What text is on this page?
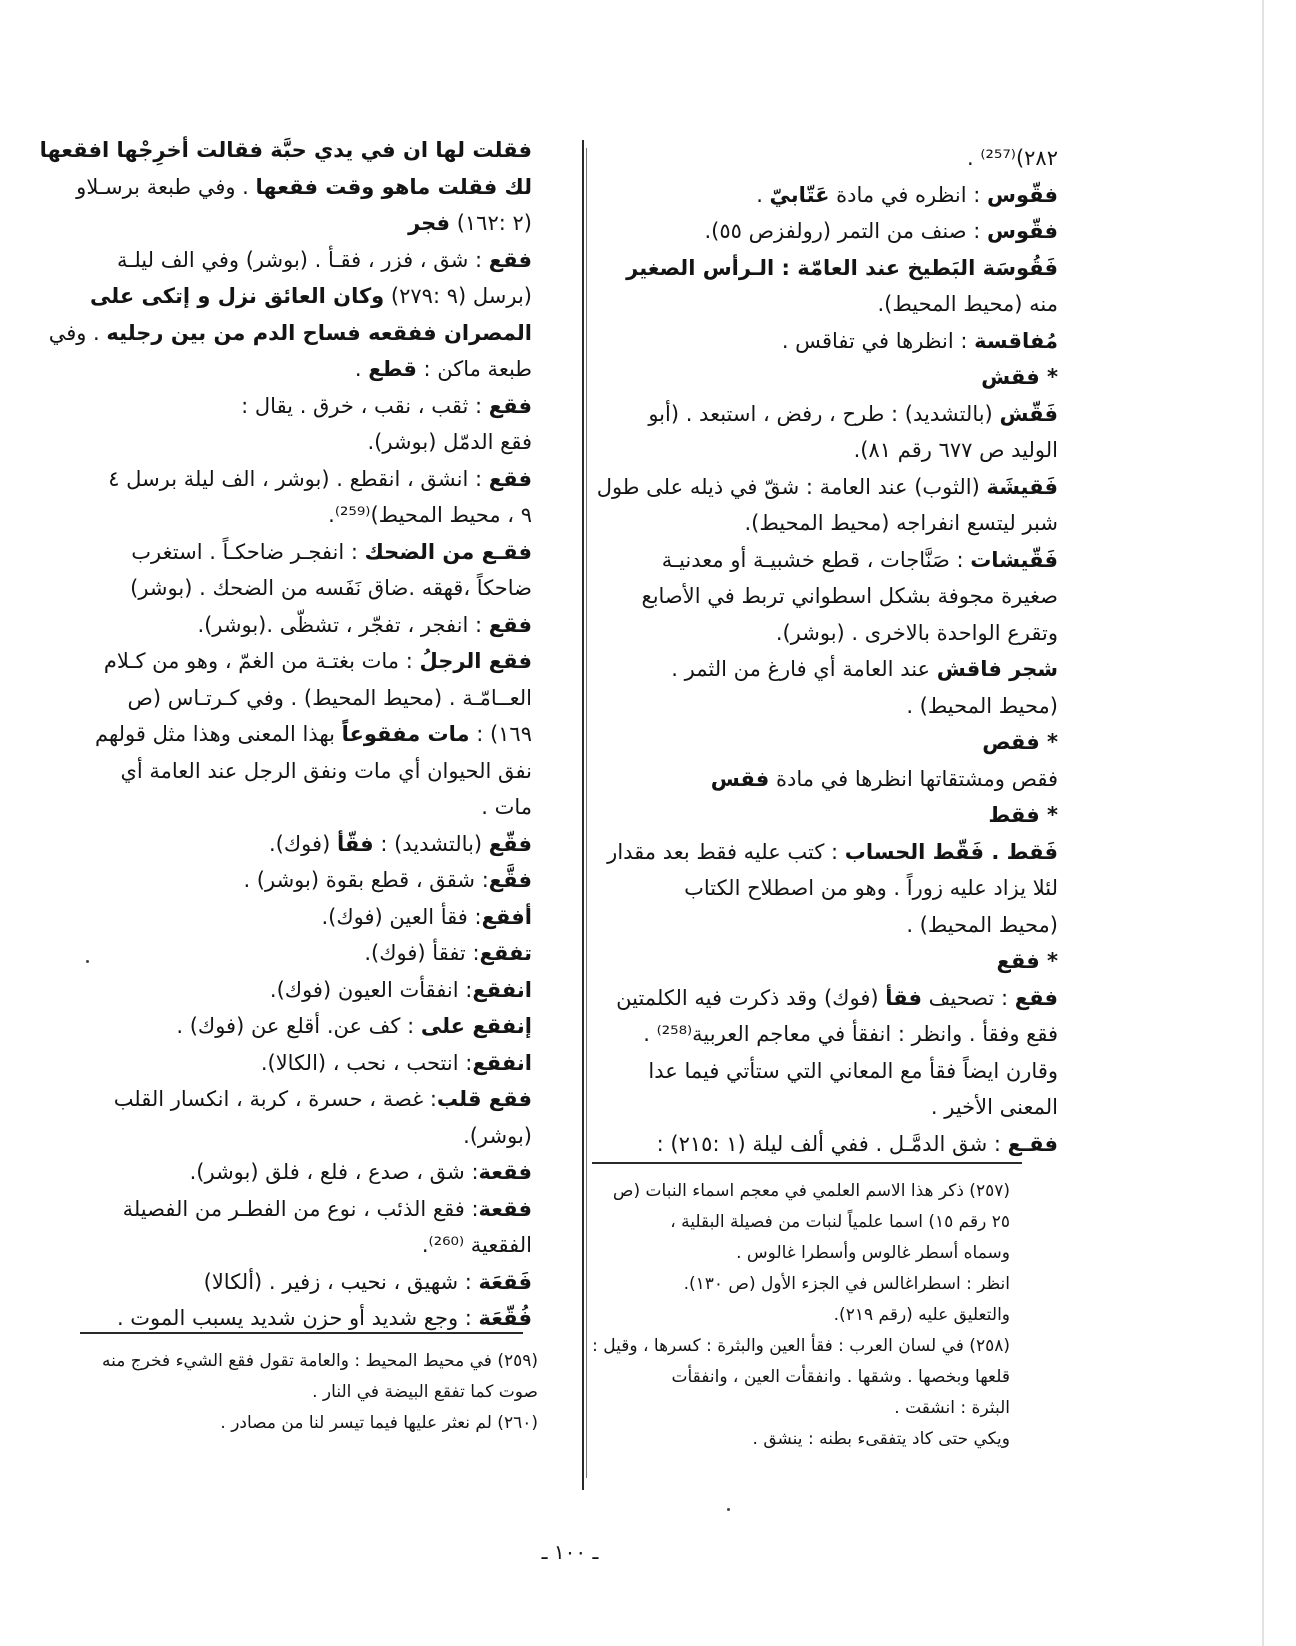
٢٨٢)⁽²⁵⁷⁾ .
فقّوس : انظره في مادة عَتّابيّ .
فقّوس : صنف من التمر (رولفزص ٥٥).
فَقُوسَة البَطيخ عند العامّة : الـرأس الصغير
منه (محيط المحيط).
مُفاقسة : انظرها في تفاقس .
* فقش
فَقّش (بالتشديد) : طرح ، رفض ، استبعد . (أبو
الوليد ص ٦٧٧ رقم ٨١).
فَقيشَة (الثوب) عند العامة : شقّ في ذيله على طول
شبر ليتسع انفراجه (محيط المحيط).
فَقّيشات : صَنَّاجات ، قطع خشبيـة أو معدنيـة
صغيرة مجوفة بشكل اسطواني تربط في الأصابع
وتقرع الواحدة بالاخرى . (بوشر).
شجر فاقش عند العامة أي فارغ من الثمر .
(محيط المحيط) .
* فقص
فقص ومشتقاتها انظرها في مادة فقس
* فقط
فَقط . فَقّط الحساب : كتب عليه فقط بعد مقدار
لئلا يزاد عليه زوراً . وهو من اصطلاح الكتاب
(محيط المحيط) .
* فقع
فقع : تصحيف فقأ (فوك) وقد ذكرت فيه الكلمتين
فقع وفقأ . وانظر : انفقأ في معاجم العربية⁽²⁵⁸⁾ .
وقارن ايضاً فقأ مع المعاني التي ستأتي فيما عدا
المعنى الأخير .
فقـع : شق الدمَّـل . ففي ألف ليلة (١ :٢١٥) :
فقلت لها ان في يدي حبَّة فقالت أخرِجْها افقعها
لك فقلت ماهو وقت فقعها . وفي طبعة برسـلاو
(٢ :١٦٢) فجر
فقع : شق ، فزر ، فقـأ . (بوشر) وفي الف ليلـة
(برسل (٩ :٢٧٩) وكان العائق نزل و إتكى على
المصران ففقعه فساح الدم من بين رجليه . وفي
طبعة ماكن : قطع .
فقع : ثقب ، نقب ، خرق . يقال :
فقع الدمّل (بوشر).
فقع : انشق ، انقطع . (بوشر ، الف ليلة برسل ٤
٩ ، محيط المحيط)⁽²⁵⁹⁾.
فقـع من الضحك : انفجـر ضاحكـاً . استغرب
ضاحكاً ،قهقه .ضاق نَفَسه من الضحك . (بوشر)
فقع : انفجر ، تفجّر ، تشظّى .(بوشر).
فقع الرجلُ : مات بغتـة من الغمّ ، وهو من كـلام
العــامّـة . (محيط المحيط) . وفي كـرتـاس (ص
١٦٩) : مات مفقوعاً بهذا المعنى وهذا مثل قولهم
نفق الحيوان أي مات ونفق الرجل عند العامة أي
مات .
فقّع (بالتشديد) : فقّأ (فوك).
فقَّع: شقق ، قطع بقوة (بوشر) .
أفقع: فقأ العين (فوك).
تفقع: تفقأ (فوك).
انفقع: انفقأت العيون (فوك).
إنفقع على : كف عن. أقلع عن (فوك) .
انفقع: انتحب ، نحب ، (الكالا).
فقع قلب: غصة ، حسرة ، كربة ، انكسار القلب
(بوشر).
فقعة: شق ، صدع ، فلع ، فلق (بوشر).
فقعة: فقع الذئب ، نوع من الفطـر من الفصيلة
الفقعية ⁽²⁶⁰⁾.
فَقعَة : شهيق ، نحيب ، زفير . (ألكالا)
فُقّعَة : وجع شديد أو حزن شديد يسبب الموت .
(٢٥٧) ذكر هذا الاسم العلمي في معجم اسماء النبات (ص
٢٥ رقم ١٥) اسما علمياً لنبات من فصيلة البقلية ،
وسماه أسطر غالوس وأسطرا غالوس .
انظر : اسطراغالس في الجزء الأول (ص ١٣٠).
والتعليق عليه (رقم ٢١٩).
(٢٥٨) في لسان العرب : فقأ العين والبثرة : كسرها ، وقيل :
قلعها وبخصها . وشقها . وانفقأت العين ، وانفقأت
البثرة : انشقت .
ويكي حتى كاد يتفقىء بطنه : ينشق .
(٢٥٩) في محيط المحيط : والعامة تقول فقع الشيء فخرج منه
صوت كما تفقع البيضة في النار .
(٢٦٠) لم نعثر عليها فيما تيسر لنا من مصادر .
ـ ١٠٠ ـ
